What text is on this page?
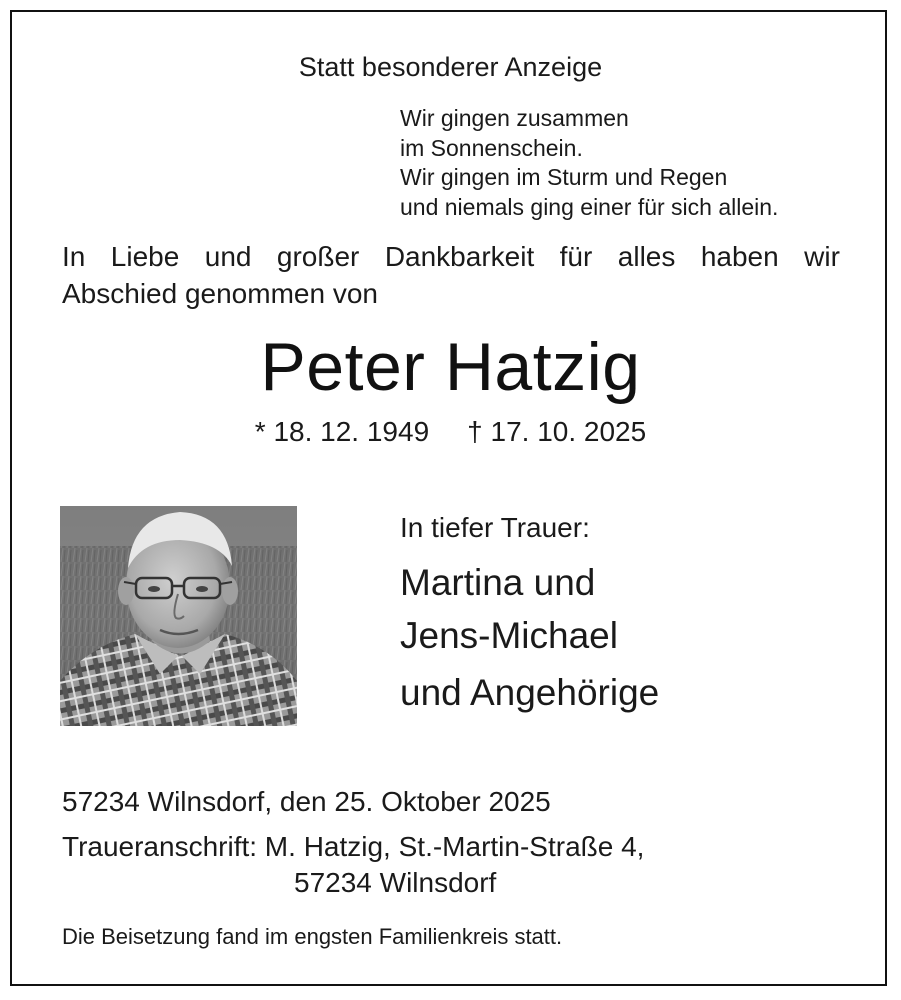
Statt besonderer Anzeige
Wir gingen zusammen
im Sonnenschein.
Wir gingen im Sturm und Regen
und niemals ging einer für sich allein.
In Liebe und großer Dankbarkeit für alles haben wir
Abschied genommen von
Peter Hatzig
* 18. 12. 1949 † 17. 10. 2025
In tiefer Trauer:
Martina und
Jens-Michael
und Angehörige
57234 Wilnsdorf, den 25. Oktober 2025
Traueranschrift: M. Hatzig, St.-Martin-Straße 4,
57234 Wilnsdorf
Die Beisetzung fand im engsten Familienkreis statt.
